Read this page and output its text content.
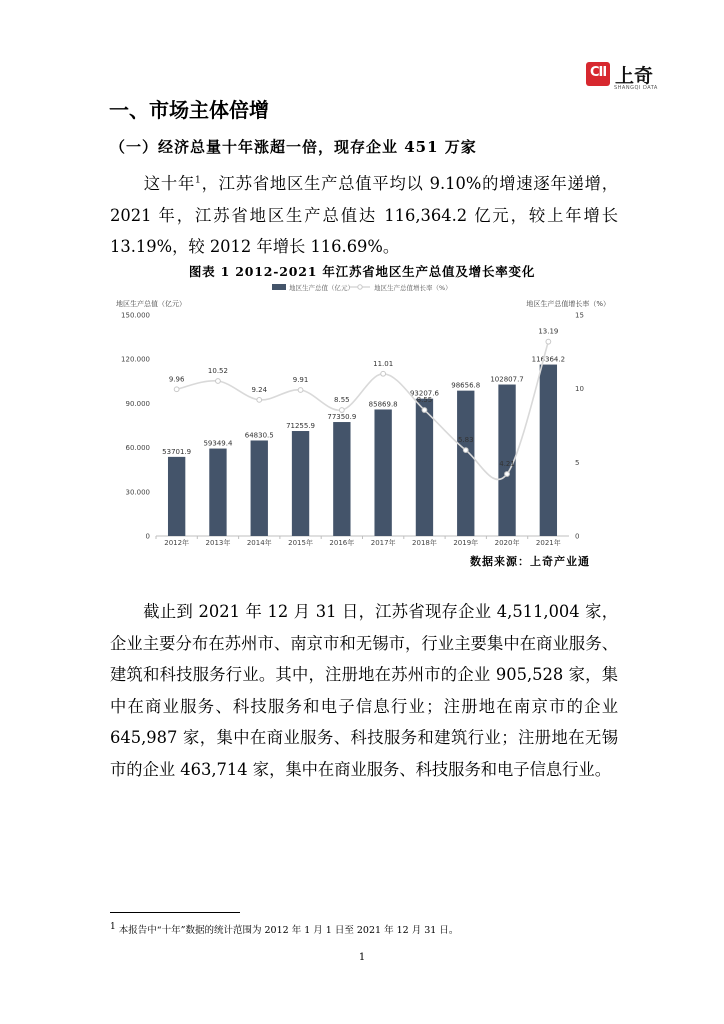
CII 上奇
SHANGQI DATA
一、市场主体倍增
（一）经济总量十年涨超一倍，现存企业 451 万家
这十年$^1$，江苏省地区生产总值平均以 9.10%的增速逐年递增，2021 年，江苏省地区生产总值达 116,364.2 亿元，较上年增长 13.19%，较 2012 年增长 116.69%。
图表 1 2012-2021 年江苏省地区生产总值及增长率变化
地区生产总值（亿元）	地区生产总值增长率（%）
地区生产总值（亿元）	地区生产总值增长率（%）
0
30.000
60.000
90.000
120.000
150.000
0
5
10
15
53701.9
59349.4
64830.5
71255.9
77350.9
85869.8
93207.6
98656.8
102807.7
116364.2
9.96
10.52
9.24
9.91
8.55
11.01
8.55
5.83
4.21
13.19
2012年 2013年 2014年 2015年 2016年 2017年 2018年 2019年 2020年 2021年
数据来源：上奇产业通
截止到 2021 年 12 月 31 日，江苏省现存企业 4,511,004 家，企业主要分布在苏州市、南京市和无锡市，行业主要集中在商业服务、建筑和科技服务行业。其中，注册地在苏州市的企业 905,528 家，集中在商业服务、科技服务和电子信息行业；注册地在南京市的企业 645,987 家，集中在商业服务、科技服务和建筑行业；注册地在无锡市的企业 463,714 家，集中在商业服务、科技服务和电子信息行业。
1 本报告中“十年”数据的统计范围为 2012 年 1 月 1 日至 2021 年 12 月 31 日。
1
